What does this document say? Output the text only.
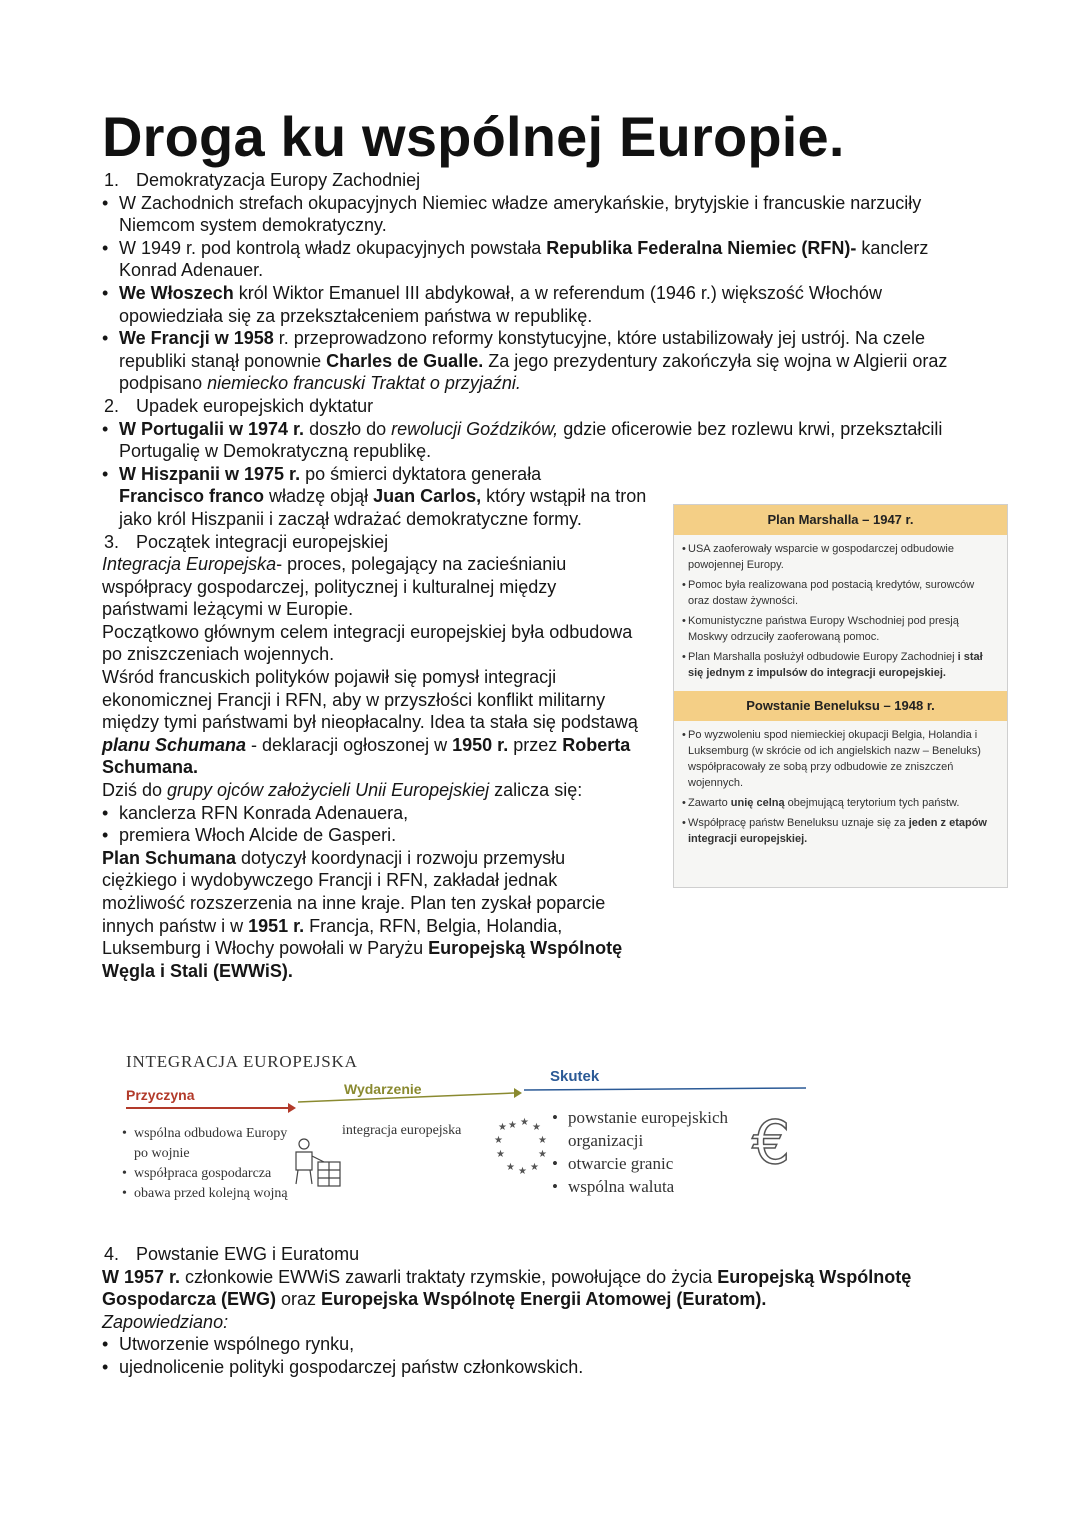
Droga ku wspólnej Europie.
1. Demokratyzacja Europy Zachodniej
• W Zachodnich strefach okupacyjnych Niemiec władze amerykańskie, brytyjskie i francuskie narzuciły Niemcom system demokratyczny.
• W 1949 r. pod kontrolą władz okupacyjnych powstała Republika Federalna Niemiec (RFN)- kanclerz Konrad Adenauer.
• We Włoszech król Wiktor Emanuel III abdykował, a w referendum (1946 r.) większość Włochów opowiedziała się za przekształceniem państwa w republikę.
• We Francji w 1958 r. przeprowadzono reformy konstytucyjne, które ustabilizowały jej ustrój. Na czele republiki stanął ponownie Charles de Gualle. Za jego prezydentury zakończyła się wojna w Algierii oraz podpisano niemiecko francuski Traktat o przyjaźni.
2. Upadek europejskich dyktatur
• W Portugalii w 1974 r. doszło do rewolucji Goździków, gdzie oficerowie bez rozlewu krwi, przekształcili Portugalię w Demokratyczną republikę.
• W Hiszpanii w 1975 r. po śmierci dyktatora generała
Francisco franco władzę objął Juan Carlos, który wstąpił na tron jako król Hiszpanii i zaczął wdrażać demokratyczne formy.
3. Początek integracji europejskiej
Integracja Europejska- proces, polegający na zacieśnianiu współpracy gospodarczej, politycznej i kulturalnej między państwami leżącymi w Europie.
Początkowo głównym celem integracji europejskiej była odbudowa po zniszczeniach wojennych.
Wśród francuskich polityków pojawił się pomysł integracji ekonomicznej Francji i RFN, aby w przyszłości konflikt militarny między tymi państwami był nieopłacalny. Idea ta stała się podstawą planu Schumana - deklaracji ogłoszonej w 1950 r. przez Roberta Schumana.
Dziś do grupy ojców założycieli Unii Europejskiej zalicza się:
• kanclerza RFN Konrada Adenauera,
• premiera Włoch Alcide de Gasperi.
Plan Schumana dotyczył koordynacji i rozwoju przemysłu ciężkiego i wydobywczego Francji i RFN, zakładał jednak możliwość rozszerzenia na inne kraje. Plan ten zyskał poparcie innych państw i w 1951 r. Francja, RFN, Belgia, Holandia, Luksemburg i Włochy powołali w Paryżu Europejską Wspólnotę Węgla i Stali (EWWiS).
Plan Marshalla – 1947 r.
• USA zaoferowały wsparcie w gospodarczej odbudowie powojennej Europy.
• Pomoc była realizowana pod postacią kredytów, surowców oraz dostaw żywności.
• Komunistyczne państwa Europy Wschodniej pod presją Moskwy odrzuciły zaoferowaną pomoc.
• Plan Marshalla posłużył odbudowie Europy Zachodniej i stał się jednym z impulsów do integracji europejskiej.
Powstanie Beneluksu – 1948 r.
• Po wyzwoleniu spod niemieckiej okupacji Belgia, Holandia i Luksemburg (w skrócie od ich angielskich nazw – Beneluks) współpracowały ze sobą przy odbudowie ze zniszczeń wojennych.
• Zawarto unię celną obejmującą terytorium tych państw.
• Współpracę państw Beneluksu uznaje się za jeden z etapów integracji europejskiej.
INTEGRACJA EUROPEJSKA
Przyczyna	Wydarzenie
Skutek
★ ★ ★
★
★
★
★
★
★
★
★
• wspólna odbudowa Europy po wojnie
• współpraca gospodarcza
• obawa przed kolejną wojną
integracja europejska
• powstanie europejskich organizacji
• otwarcie granic
• wspólna waluta
€
4. Powstanie EWG i Euratomu
W 1957 r. członkowie EWWiS zawarli traktaty rzymskie, powołujące do życia Europejską Wspólnotę Gospodarcza (EWG) oraz Europejska Wspólnotę Energii Atomowej (Euratom).
Zapowiedziano:
• Utworzenie wspólnego rynku,
• ujednolicenie polityki gospodarczej państw członkowskich.
